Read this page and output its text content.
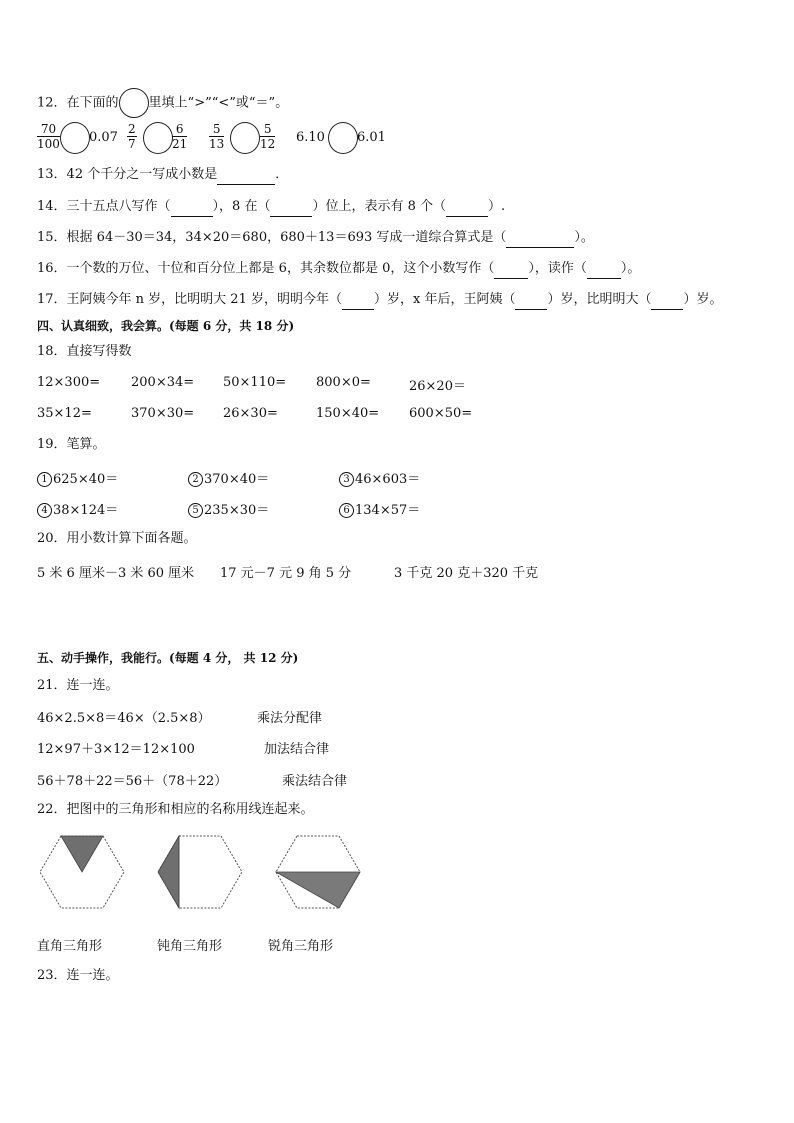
12．在下面的 里填上“>”“<”或“＝”。
$\frac{70}{100} 0.07 \frac{2}{7}$	$\frac{6}{21} \frac{5}{13}$	$\frac{5}{12} 6.10$ 6.01
13．42 个千分之一写成小数是	．
14．三十五点八写作（	），8 在（	）位上，表示有 8 个（	）.
15．根据 64－30＝34，34×20＝680，680＋13＝693 写成一道综合算式是（	）。
16．一个数的万位、十位和百分位上都是 6，其余数位都是 0，这个小数写作（	），读作（	）。
17．王阿姨今年 n 岁，比明明大 21 岁，明明今年（ ）岁，x 年后，王阿姨（ ）岁，比明明大（ ）岁。
四、认真细致，我会算。(每题 6 分，共 18 分)
18．直接写得数
12×300= 200×34= 50×110= 800×0=	26×20＝
35×12=	370×30= 26×30=	150×40= 600×50=
19．笔算。
1 625×40＝	2 370×40＝	3 46×603＝
4 38×124＝	5 235×30＝	6 134×57＝
20．用小数计算下面各题。
5 米 6 厘米－3 米 60 厘米 17 元－7 元 9 角 5 分	3 千克 20 克＋320 千克
五、动手操作，我能行。(每题 4 分， 共 12 分)
21．连一连。
46×2.5×8＝46×（2.5×8）	乘法分配律
12×97＋3×12＝12×100	加法结合律
56＋78＋22＝56＋（78＋22）	乘法结合律
22．把图中的三角形和相应的名称用线连起来。
直角三角形	钝角三角形	锐角三角形
23．连一连。
